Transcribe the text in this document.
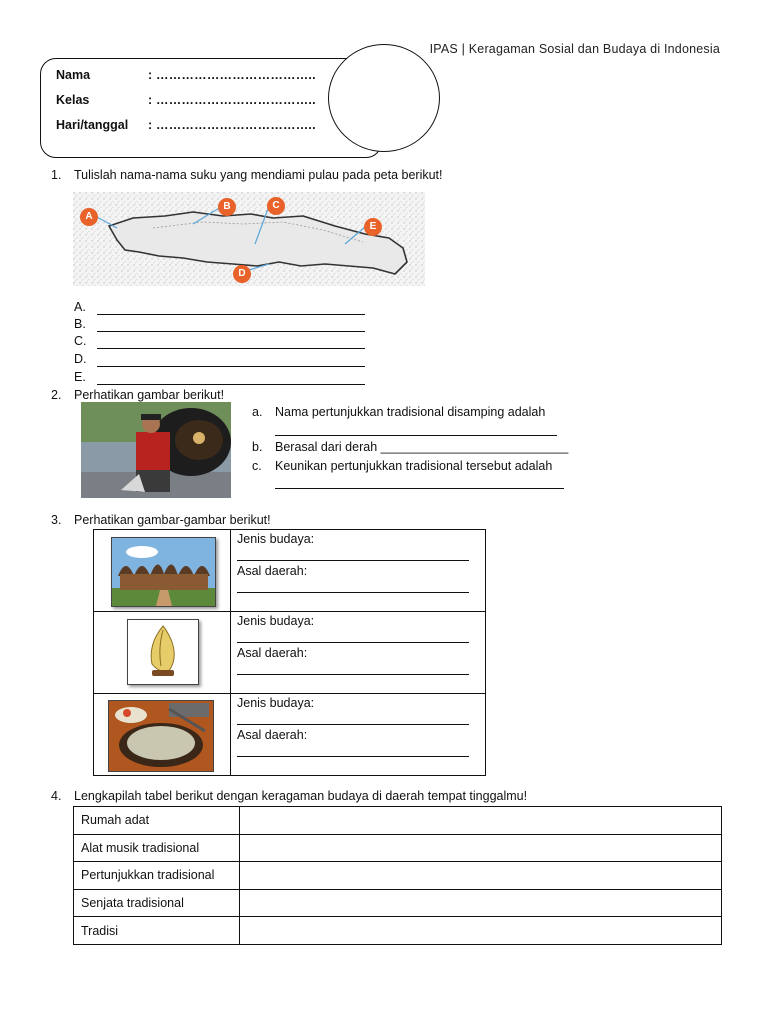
IPAS | Keragaman Sosial dan Budaya di Indonesia
Nama	: ………………………………..
Kelas	: ………………………………..
Hari/tanggal : ………………………………..
1. Tulislah nama-nama suku yang mendiami pulau pada peta berikut!
A
B	C
D
E
A.
B.
C.
D.
E.
2. Perhatikan gambar berikut!
a. Nama pertunjukkan tradisional disamping adalah
b. Berasal dari derah ___________________________
c. Keunikan pertunjukkan tradisional tersebut adalah
3. Perhatikan gambar-gambar berikut!

Jenis budaya:
Asal daerah:

Jenis budaya:
Asal daerah:

Jenis budaya:
Asal daerah:
4. Lengkapilah tabel berikut dengan keragaman budaya di daerah tempat tinggalmu!
Rumah adat	
Alat musik tradisional	
Pertunjukkan tradisional	
Senjata tradisional	
Tradisi	
